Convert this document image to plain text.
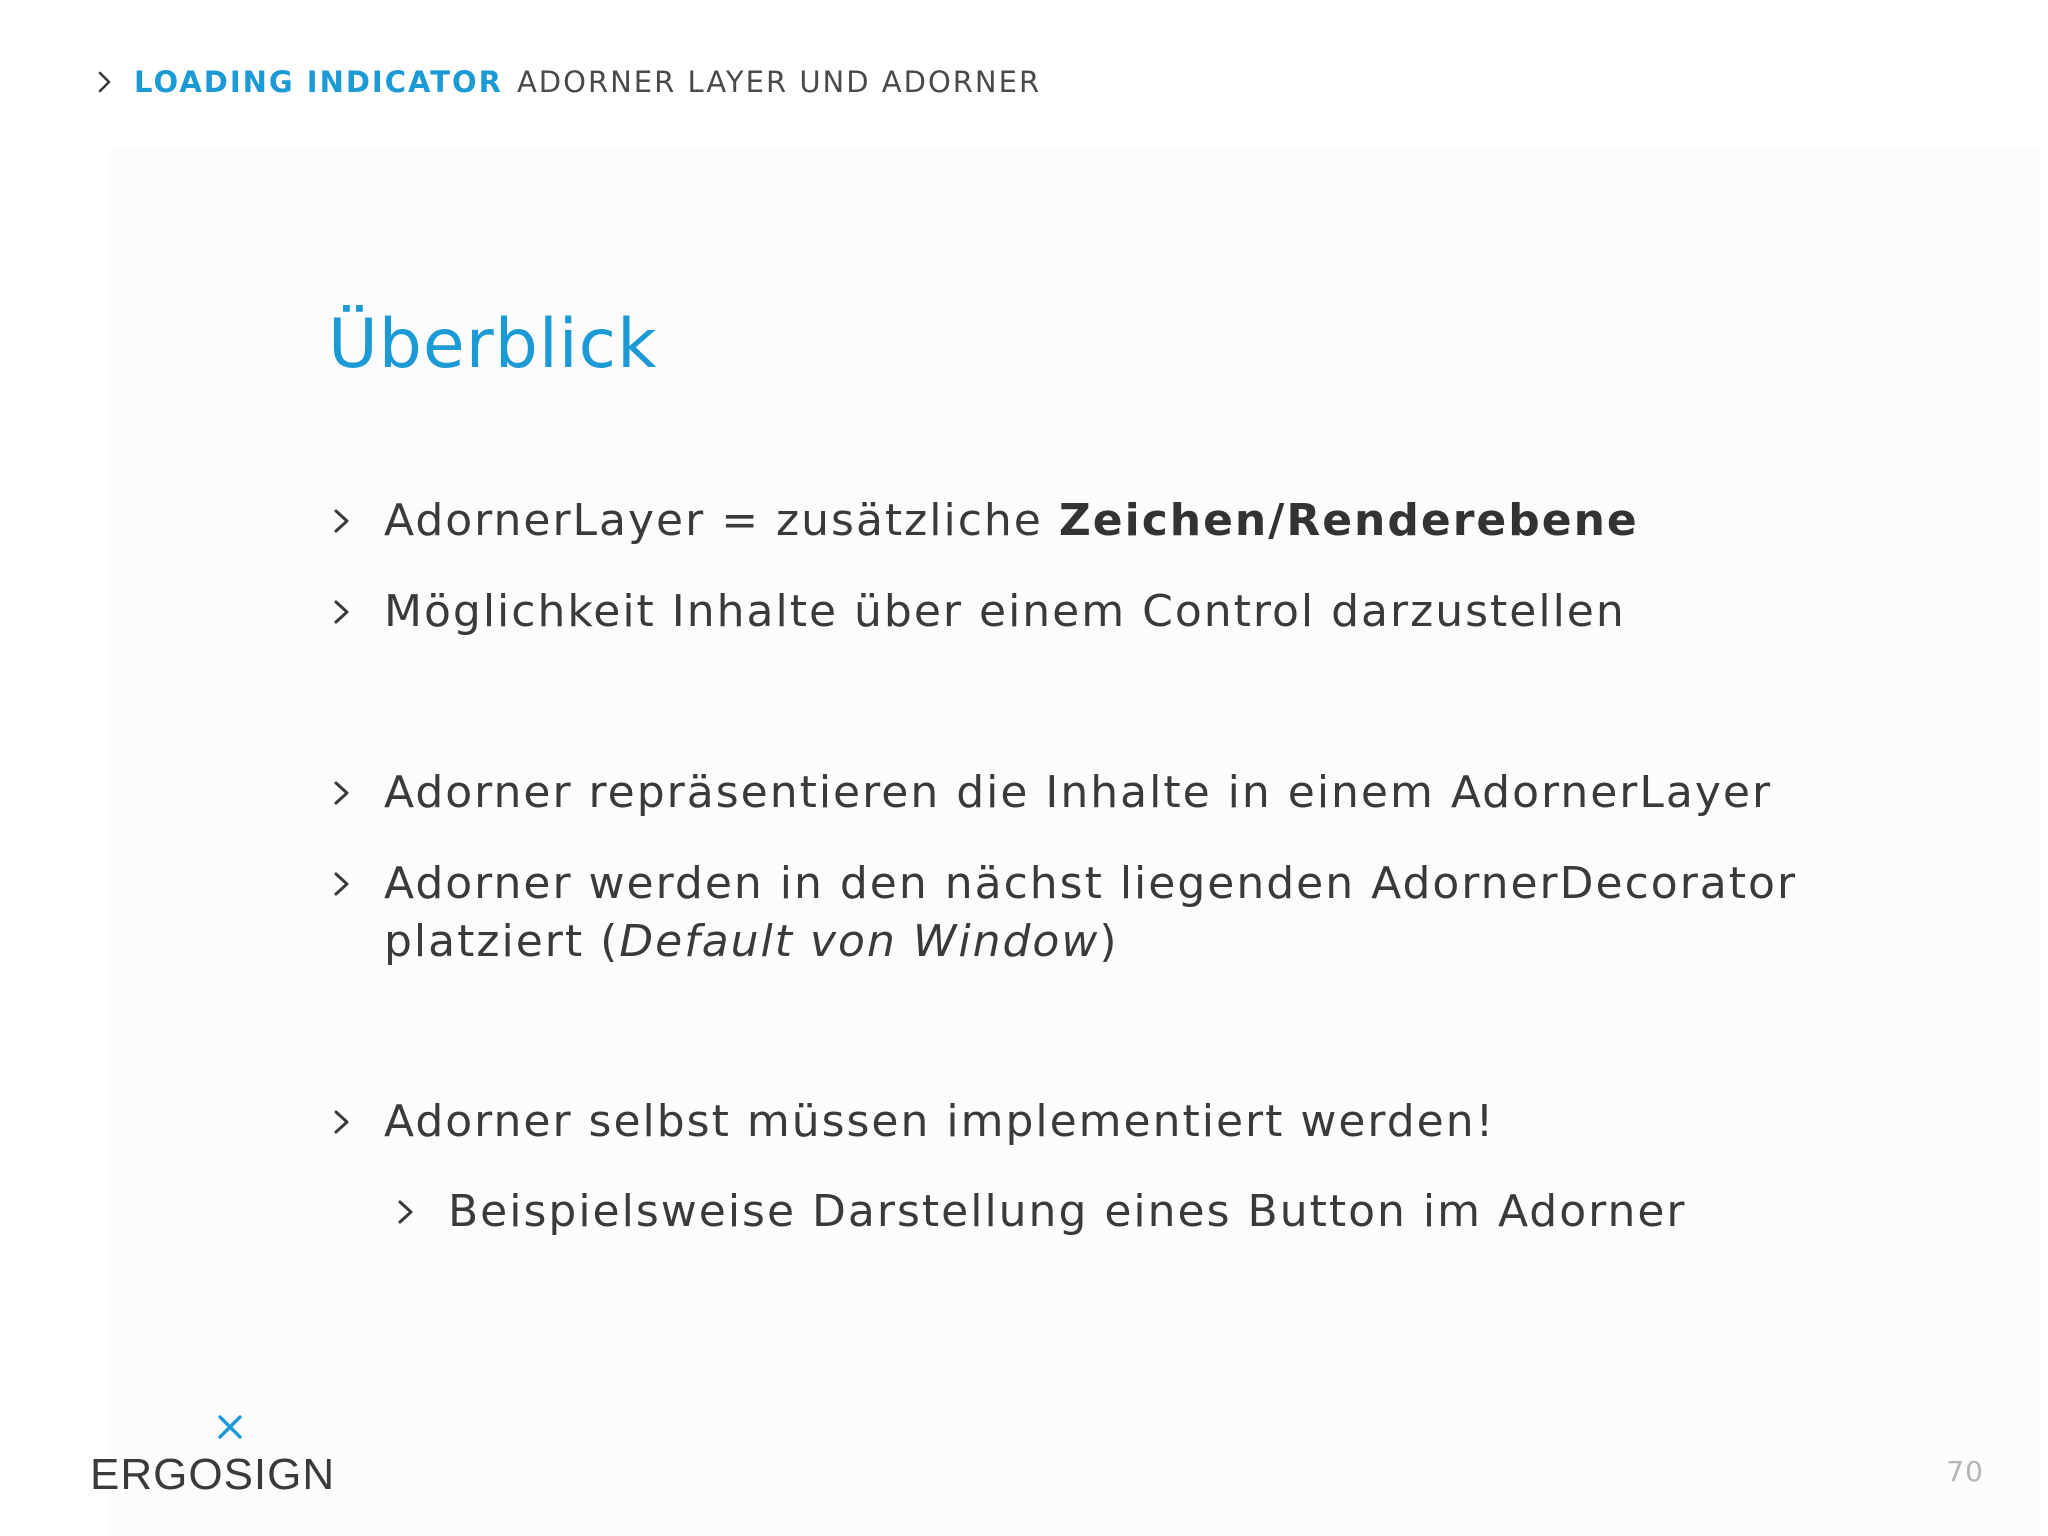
LOADING INDICATOR ADORNER LAYER UND ADORNER
Überblick
AdornerLayer = zusätzliche Zeichen/Renderebene
Möglichkeit Inhalte über einem Control darzustellen
Adorner repräsentieren die Inhalte in einem AdornerLayer
Adorner werden in den nächst liegenden AdornerDecorator
platziert (Default von Window)
Adorner selbst müssen implementiert werden!
Beispielsweise Darstellung eines Button im Adorner
ERGOSIGN	70
